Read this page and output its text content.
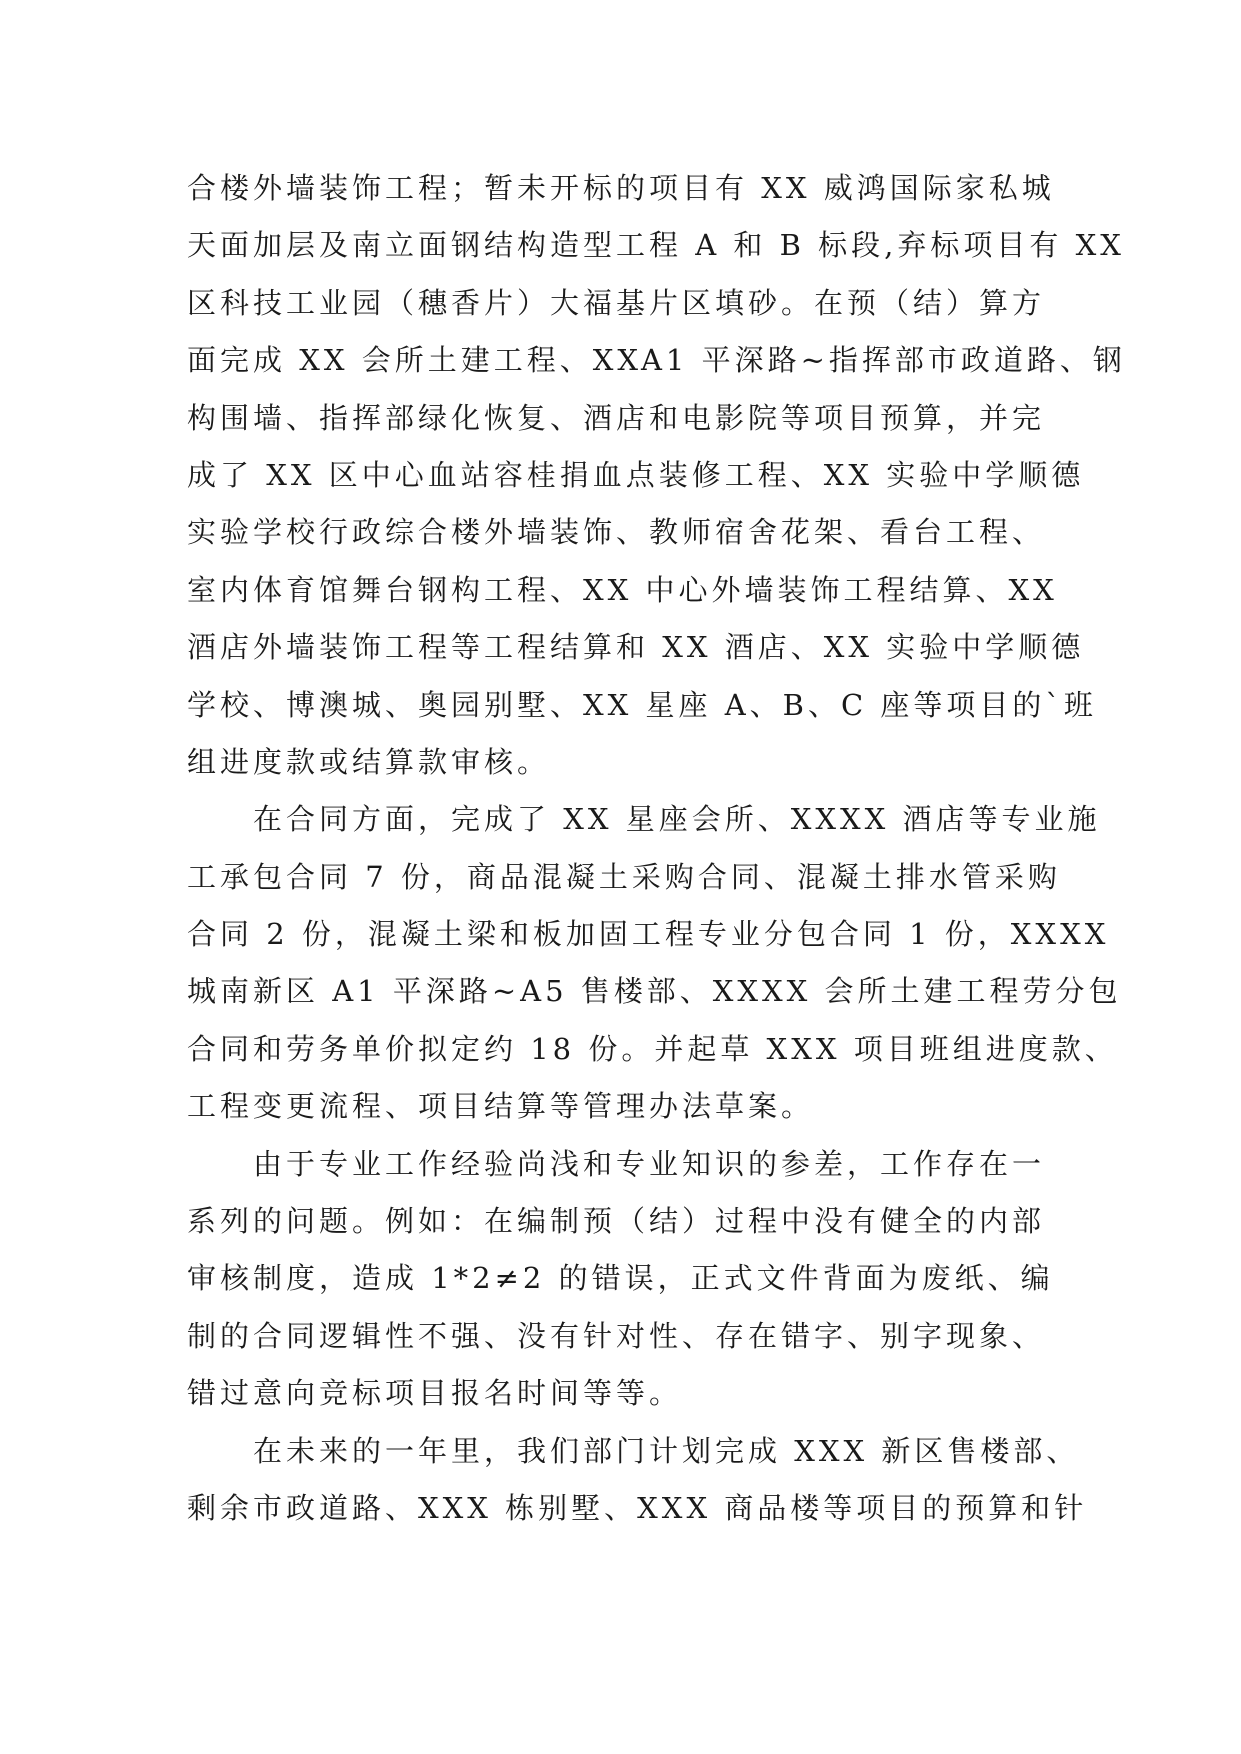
合楼外墙装饰工程；暂未开标的项目有 XX 威鸿国际家私城
天面加层及南立面钢结构造型工程 A 和 B 标段,弃标项目有 XX
区科技工业园（穗香片）大福基片区填砂。在预（结）算方
面完成 XX 会所土建工程、XXA1 平深路~指挥部市政道路、钢
构围墙、指挥部绿化恢复、酒店和电影院等项目预算，并完
成了 XX 区中心血站容桂捐血点装修工程、XX 实验中学顺德
实验学校行政综合楼外墙装饰、教师宿舍花架、看台工程、
室内体育馆舞台钢构工程、XX 中心外墙装饰工程结算、XX
酒店外墙装饰工程等工程结算和 XX 酒店、XX 实验中学顺德
学校、博澳城、奥园别墅、XX 星座 A、B、C 座等项目的`班
组进度款或结算款审核。
在合同方面，完成了 XX 星座会所、XXXX 酒店等专业施
工承包合同 7 份，商品混凝土采购合同、混凝土排水管采购
合同 2 份，混凝土梁和板加固工程专业分包合同 1 份，XXXX
城南新区 A1 平深路~A5 售楼部、XXXX 会所土建工程劳分包
合同和劳务单价拟定约 18 份。并起草 XXX 项目班组进度款、
工程变更流程、项目结算等管理办法草案。
由于专业工作经验尚浅和专业知识的参差，工作存在一
系列的问题。例如：在编制预（结）过程中没有健全的内部
审核制度，造成 1*2≠2 的错误，正式文件背面为废纸、编
制的合同逻辑性不强、没有针对性、存在错字、别字现象、
错过意向竞标项目报名时间等等。
在未来的一年里，我们部门计划完成 XXX 新区售楼部、
剩余市政道路、XXX 栋别墅、XXX 商品楼等项目的预算和针
